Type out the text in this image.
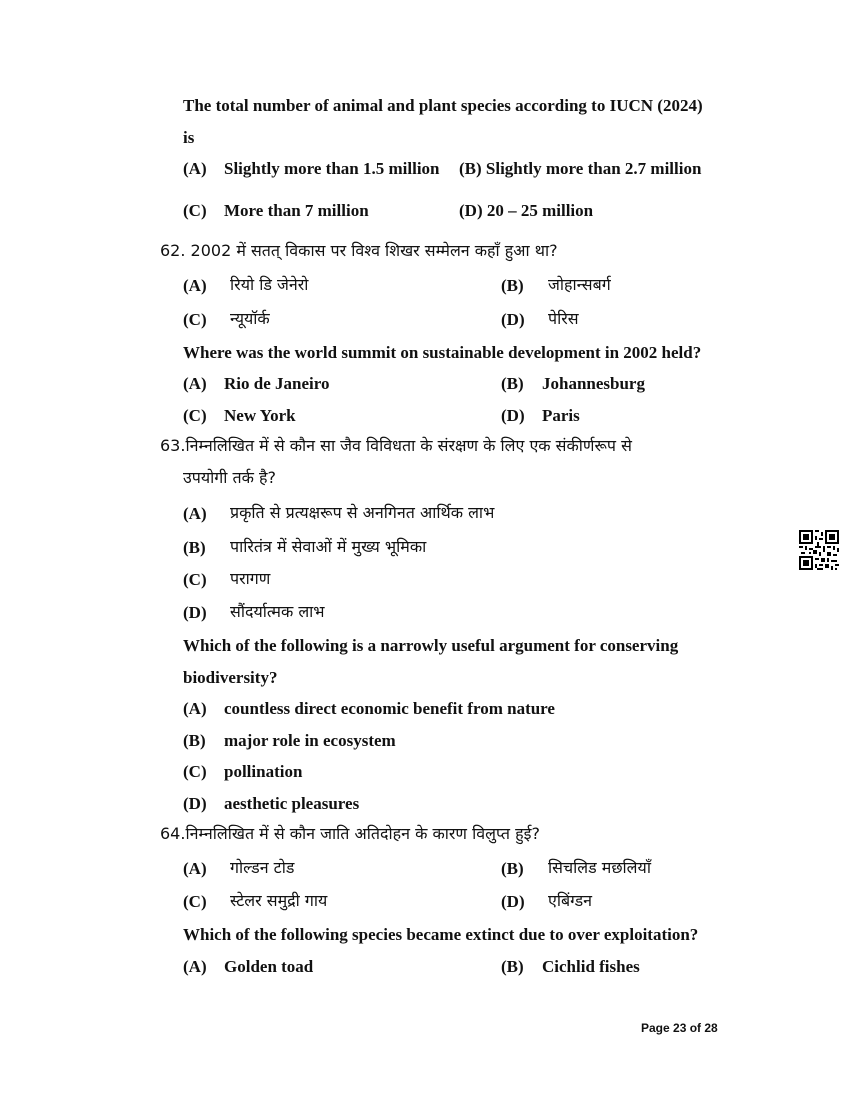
The total number of animal and plant species according to IUCN (2024)
is
(A) Slightly more than 1.5 million (B) Slightly more than 2.7 million
(C) More than 7 million	(D) 20 – 25 million
62. 2002 में सतत् विकास पर विश्व शिखर सम्मेलन कहाँ हुआ था?
(A) रियो डि जेनेरो	(B) जोहान्सबर्ग
(C) न्यूयॉर्क	(D) पेरिस
Where was the world summit on sustainable development in 2002 held?
(A) Rio de Janeiro	(B) Johannesburg
(C) New York	(D) Paris
63.निम्नलिखित में से कौन सा जैव विविधता के संरक्षण के लिए एक संकीर्णरूप से
उपयोगी तर्क है?
(A) प्रकृति से प्रत्यक्षरूप से अनगिनत आर्थिक लाभ
(B) पारितंत्र में सेवाओं में मुख्य भूमिका
(C) परागण
(D) सौंदर्यात्मक लाभ
Which of the following is a narrowly useful argument for conserving
biodiversity?
(A) countless direct economic benefit from nature
(B) major role in ecosystem
(C) pollination
(D) aesthetic pleasures
64.निम्नलिखित में से कौन जाति अतिदोहन के कारण विलुप्त हुई?
(A) गोल्डन टोड	(B) सिचलिड मछलियाँ
(C) स्टेलर समुद्री गाय	(D) एबिंग्डन
Which of the following species became extinct due to over exploitation?
(A) Golden toad	(B) Cichlid fishes
Page 23 of 28
